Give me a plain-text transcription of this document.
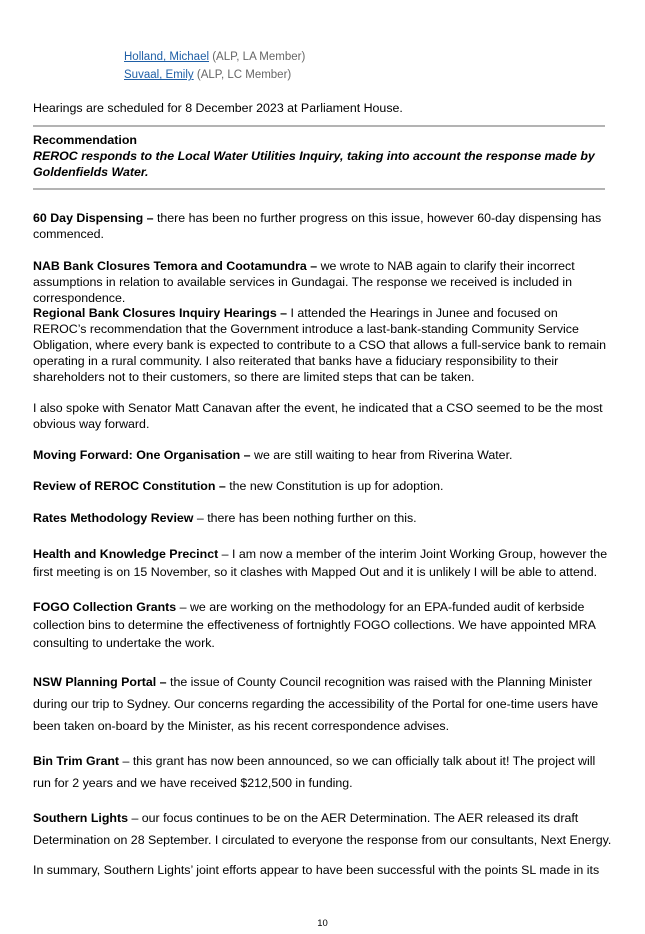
Holland, Michael (ALP, LA Member)
Suvaal, Emily (ALP, LC Member)

Hearings are scheduled for 8 December 2023 at Parliament House.

Recommendation
REROC responds to the Local Water Utilities Inquiry, taking into account the response made by Goldenfields Water.

60 Day Dispensing – there has been no further progress on this issue, however 60-day dispensing has commenced.

NAB Bank Closures Temora and Cootamundra – we wrote to NAB again to clarify their incorrect assumptions in relation to available services in Gundagai. The response we received is included in correspondence.

Regional Bank Closures Inquiry Hearings – I attended the Hearings in Junee and focused on REROC’s recommendation that the Government introduce a last-bank-standing Community Service Obligation, where every bank is expected to contribute to a CSO that allows a full-service bank to remain operating in a rural community. I also reiterated that banks have a fiduciary responsibility to their shareholders not to their customers, so there are limited steps that can be taken.

I also spoke with Senator Matt Canavan after the event, he indicated that a CSO seemed to be the most obvious way forward.

Moving Forward: One Organisation – we are still waiting to hear from Riverina Water.

Review of REROC Constitution – the new Constitution is up for adoption.

Rates Methodology Review – there has been nothing further on this.

Health and Knowledge Precinct – I am now a member of the interim Joint Working Group, however the first meeting is on 15 November, so it clashes with Mapped Out and it is unlikely I will be able to attend.

FOGO Collection Grants – we are working on the methodology for an EPA-funded audit of kerbside collection bins to determine the effectiveness of fortnightly FOGO collections. We have appointed MRA consulting to undertake the work.

NSW Planning Portal – the issue of County Council recognition was raised with the Planning Minister during our trip to Sydney. Our concerns regarding the accessibility of the Portal for one-time users have been taken on-board by the Minister, as his recent correspondence advises.

Bin Trim Grant – this grant has now been announced, so we can officially talk about it! The project will run for 2 years and we have received $212,500 in funding.

Southern Lights – our focus continues to be on the AER Determination. The AER released its draft Determination on 28 September. I circulated to everyone the response from our consultants, Next Energy.

In summary, Southern Lights’ joint efforts appear to have been successful with the points SL made in its

10
